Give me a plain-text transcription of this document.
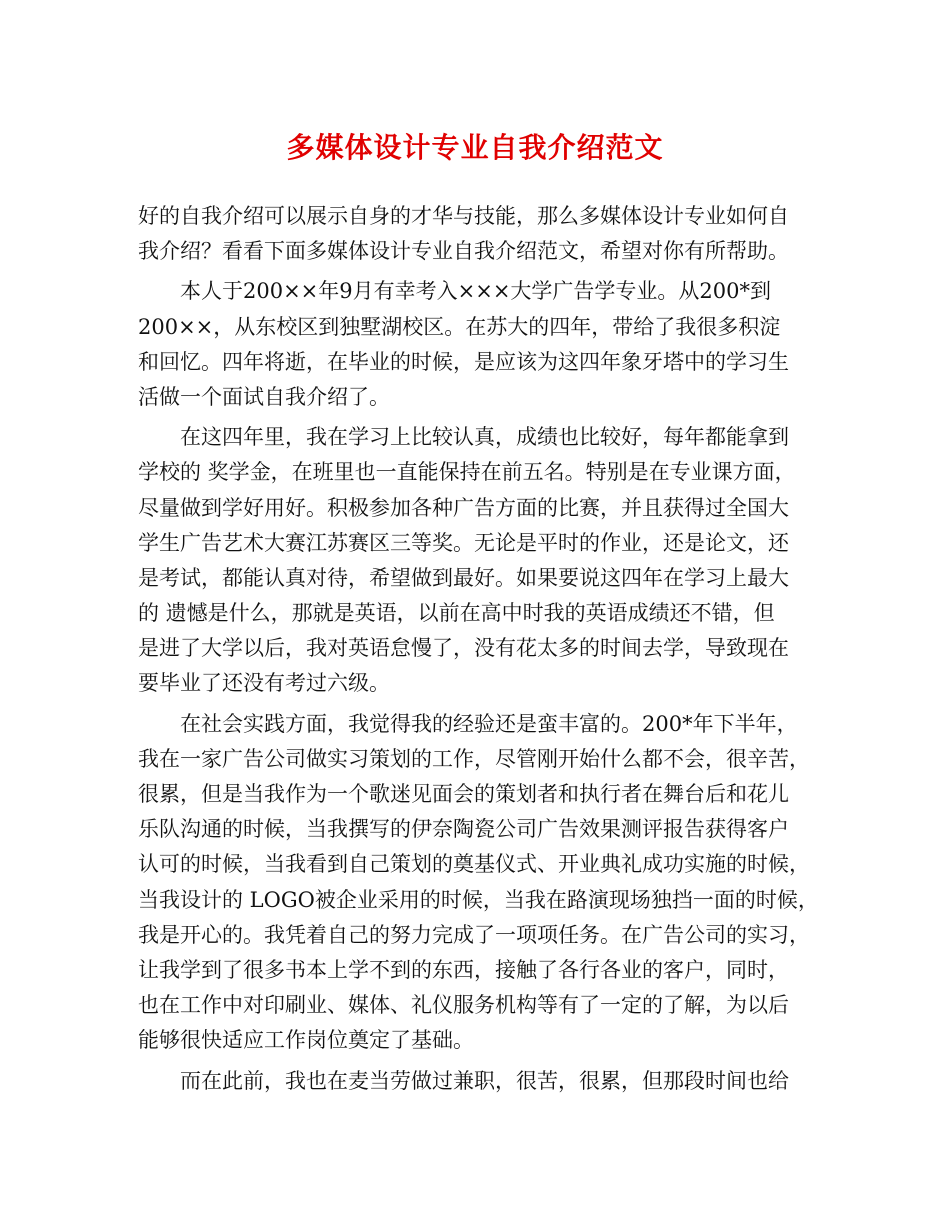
多媒体设计专业自我介绍范文
好的自我介绍可以展示自身的才华与技能，那么多媒体设计专业如何自
我介绍？看看下面多媒体设计专业自我介绍范文，希望对你有所帮助。
　　本人于200××年9月有幸考入×××大学广告学专业。从200*到
200××，从东校区到独墅湖校区。在苏大的四年，带给了我很多积淀
和回忆。四年将逝，在毕业的时候，是应该为这四年象牙塔中的学习生
活做一个面试自我介绍了。
　　在这四年里，我在学习上比较认真，成绩也比较好，每年都能拿到
学校的 奖学金，在班里也一直能保持在前五名。特别是在专业课方面，
尽量做到学好用好。积极参加各种广告方面的比赛，并且获得过全国大
学生广告艺术大赛江苏赛区三等奖。无论是平时的作业，还是论文，还
是考试，都能认真对待，希望做到最好。如果要说这四年在学习上最大
的 遗憾是什么，那就是英语，以前在高中时我的英语成绩还不错，但
是进了大学以后，我对英语怠慢了，没有花太多的时间去学，导致现在
要毕业了还没有考过六级。
　　在社会实践方面，我觉得我的经验还是蛮丰富的。200*年下半年，
我在一家广告公司做实习策划的工作，尽管刚开始什么都不会，很辛苦，
很累，但是当我作为一个歌迷见面会的策划者和执行者在舞台后和花儿
乐队沟通的时候，当我撰写的伊奈陶瓷公司广告效果测评报告获得客户
认可的时候，当我看到自己策划的奠基仪式、开业典礼成功实施的时候，
当我设计的 LOGO被企业采用的时候，当我在路演现场独挡一面的时候，
我是开心的。我凭着自己的努力完成了一项项任务。在广告公司的实习，
让我学到了很多书本上学不到的东西，接触了各行各业的客户，同时，
也在工作中对印刷业、媒体、礼仪服务机构等有了一定的了解，为以后
能够很快适应工作岗位奠定了基础。
　　而在此前，我也在麦当劳做过兼职，很苦，很累，但那段时间也给
